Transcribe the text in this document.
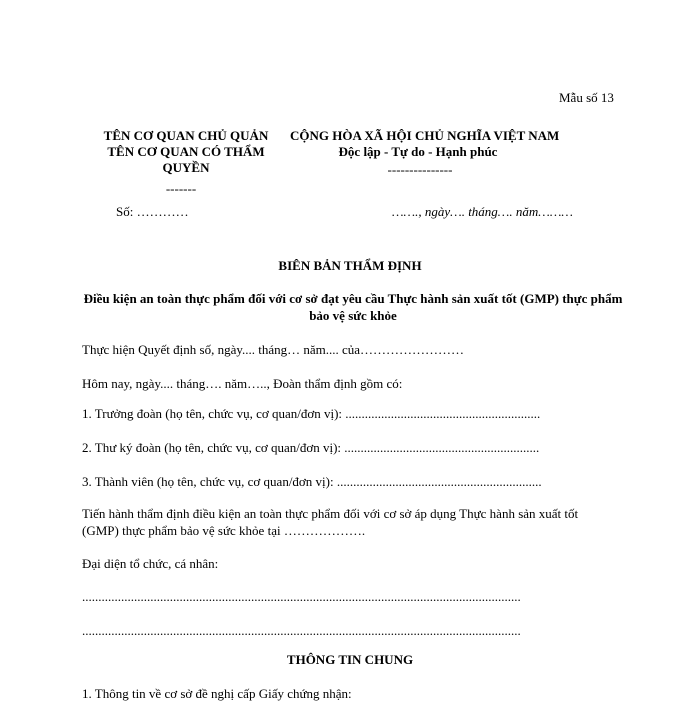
Mẫu số 13
TÊN CƠ QUAN CHỦ QUẢN
TÊN CƠ QUAN CÓ THẨM QUYỀN
-------
Số: …………
CỘNG HÒA XÃ HỘI CHỦ NGHĨA VIỆT NAM
Độc lập - Tự do - Hạnh phúc
---------------
……., ngày…. tháng…. năm………
BIÊN BẢN THẨM ĐỊNH
Điều kiện an toàn thực phẩm đối với cơ sở đạt yêu cầu Thực hành sản xuất tốt (GMP) thực phẩm bảo vệ sức khỏe
Thực hiện Quyết định số, ngày.... tháng… năm.... của……………………
Hôm nay, ngày.... tháng…. năm….., Đoàn thẩm định gồm có:
1. Trưởng đoàn (họ tên, chức vụ, cơ quan/đơn vị): ............................................................
2. Thư ký đoàn (họ tên, chức vụ, cơ quan/đơn vị): ............................................................
3. Thành viên (họ tên, chức vụ, cơ quan/đơn vị): ...............................................................
Tiến hành thẩm định điều kiện an toàn thực phẩm đối với cơ sở áp dụng Thực hành sản xuất tốt (GMP) thực phẩm bảo vệ sức khỏe tại ……………….
Đại diện tổ chức, cá nhân:
.......................................................................................................................................
.......................................................................................................................................
THÔNG TIN CHUNG
1. Thông tin về cơ sở đề nghị cấp Giấy chứng nhận:
